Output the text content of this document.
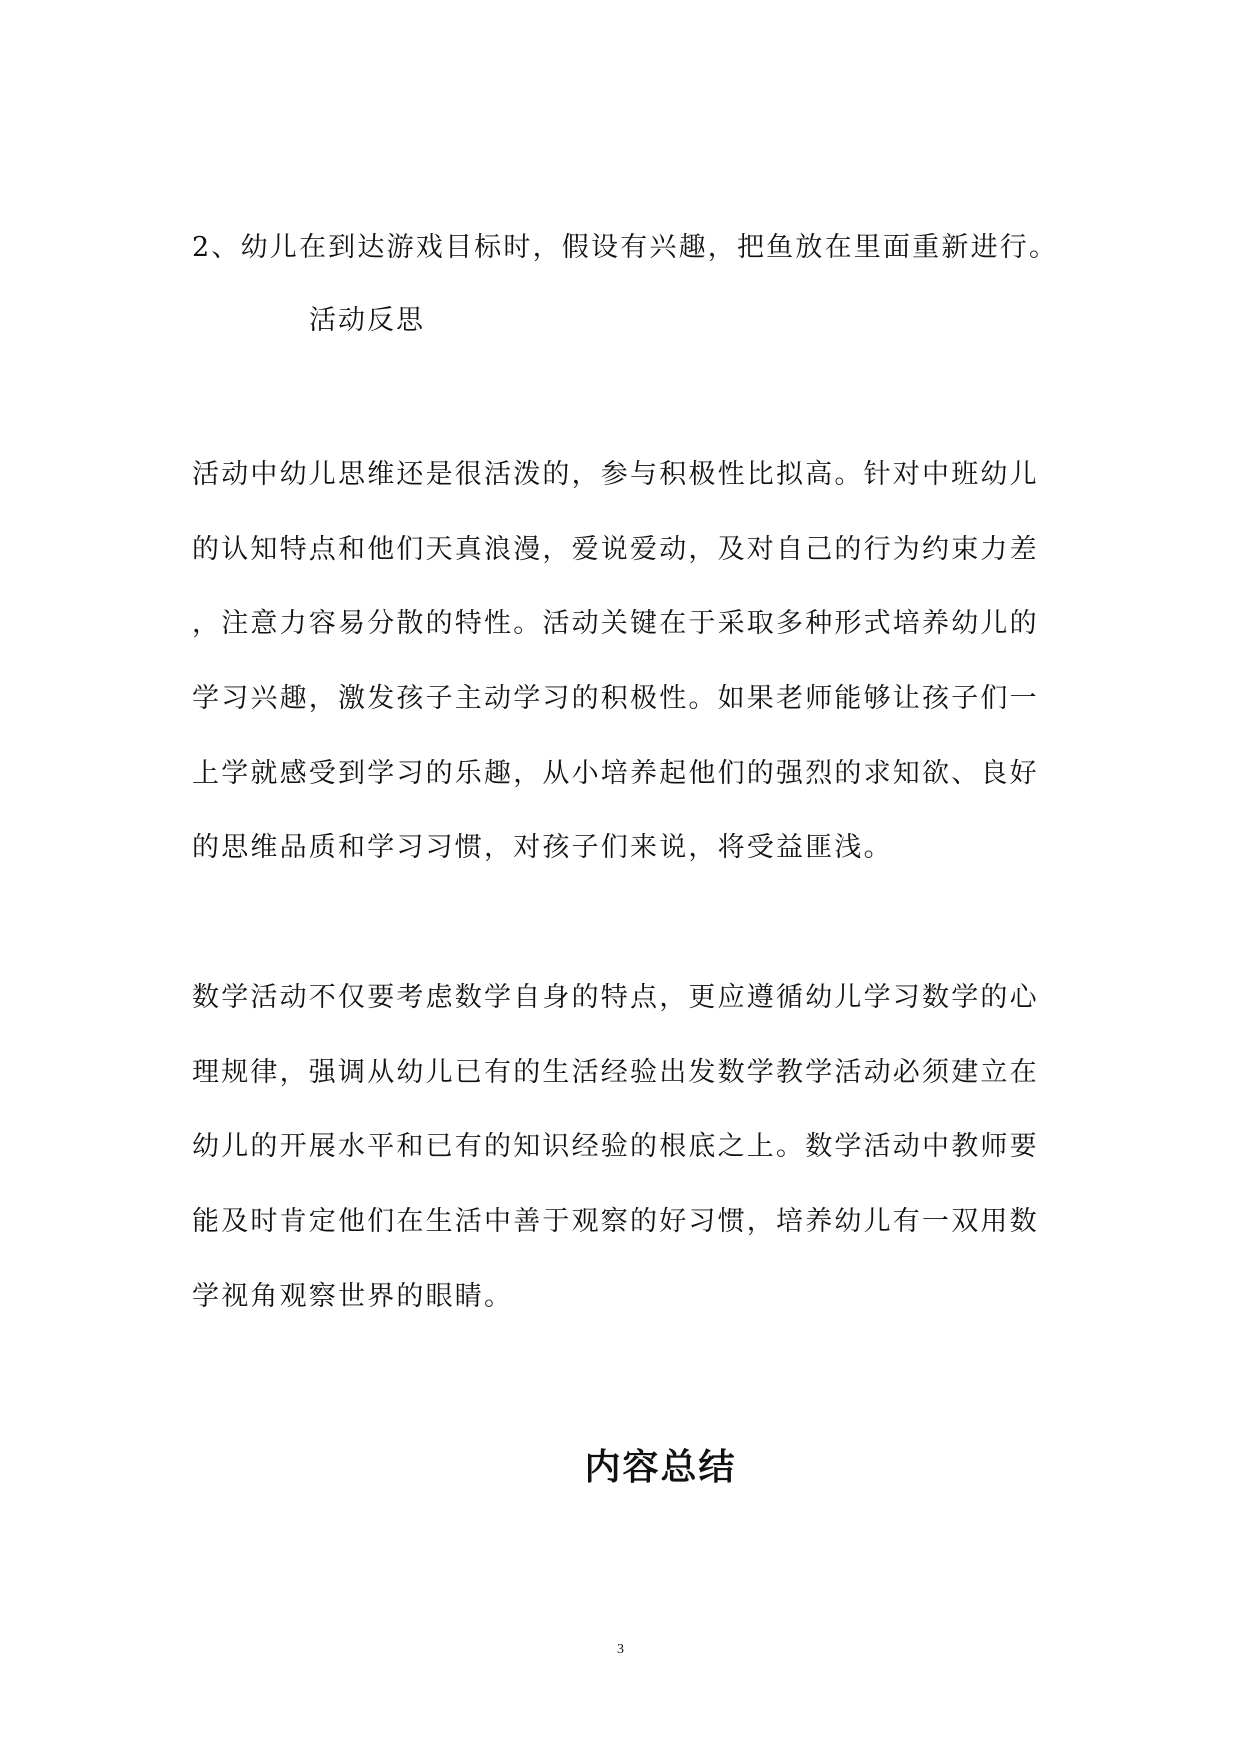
2、幼儿在到达游戏目标时，假设有兴趣，把鱼放在里面重新进行。
活动反思
活动中幼儿思维还是很活泼的，参与积极性比拟高。针对中班幼儿
的认知特点和他们天真浪漫，爱说爱动，及对自己的行为约束力差
，注意力容易分散的特性。活动关键在于采取多种形式培养幼儿的
学习兴趣，激发孩子主动学习的积极性。如果老师能够让孩子们一
上学就感受到学习的乐趣，从小培养起他们的强烈的求知欲、良好
的思维品质和学习习惯，对孩子们来说，将受益匪浅。
数学活动不仅要考虑数学自身的特点，更应遵循幼儿学习数学的心
理规律，强调从幼儿已有的生活经验出发数学教学活动必须建立在
幼儿的开展水平和已有的知识经验的根底之上。数学活动中教师要
能及时肯定他们在生活中善于观察的好习惯，培养幼儿有一双用数
学视角观察世界的眼睛。
内容总结
3
